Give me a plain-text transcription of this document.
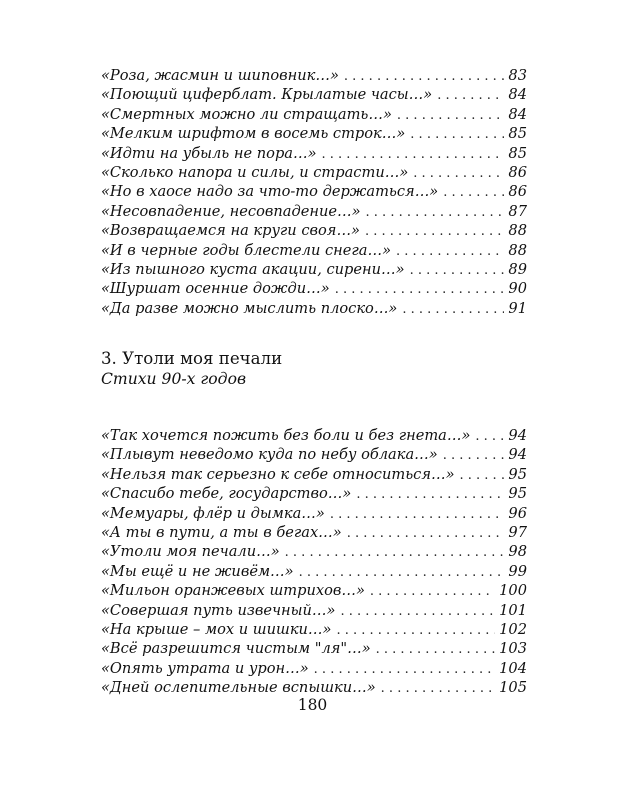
«Роза, жасмин и шиповник…» . . .	83
«Поющий циферблат. Крылатые часы…» . . .	84
«Смертных можно ли стращать…» . . .	84
«Мелким шрифтом в восемь строк…» . . .	85
«Идти на убыль не пора…» . . .	85
«Сколько напора и силы, и страсти…» . . .	86
«Но в хаосе надо за что-то держаться…» . . .	86
«Несовпадение, несовпадение…» . . .	87
«Возвращаемся на круги своя…» . . .	88
«И в черные годы блестели снега…» . . .	88
«Из пышного куста акации, сирени…» . . .	89
«Шуршат осенние дожди…» . . .	90
«Да разве можно мыслить плоско…» . . .	91
3. Утоли моя печали
Стихи 90-х годов
«Так хочется пожить без боли и без гнета…» . . .	94
«Плывут неведомо куда по небу облака…» . . .	94
«Нельзя так серьезно к себе относиться…» . . .	95
«Спасибо тебе, государство…» . . .	95
«Мемуары, флёр и дымка…» . . .	96
«А ты в пути, а ты в бегах…» . . .	97
«Утоли моя печали…» . . .	98
«Мы ещё и не живём…» . . .	99
«Мильон оранжевых штрихов…» . . .	100
«Совершая путь извечный…» . . .	101
«На крыше – мох и шишки…» . . .	102
«Всё разрешится чистым "ля"…» . . .	103
«Опять утрата и урон…» . . .	104
«Дней ослепительные вспышки…» . . .	105
180
